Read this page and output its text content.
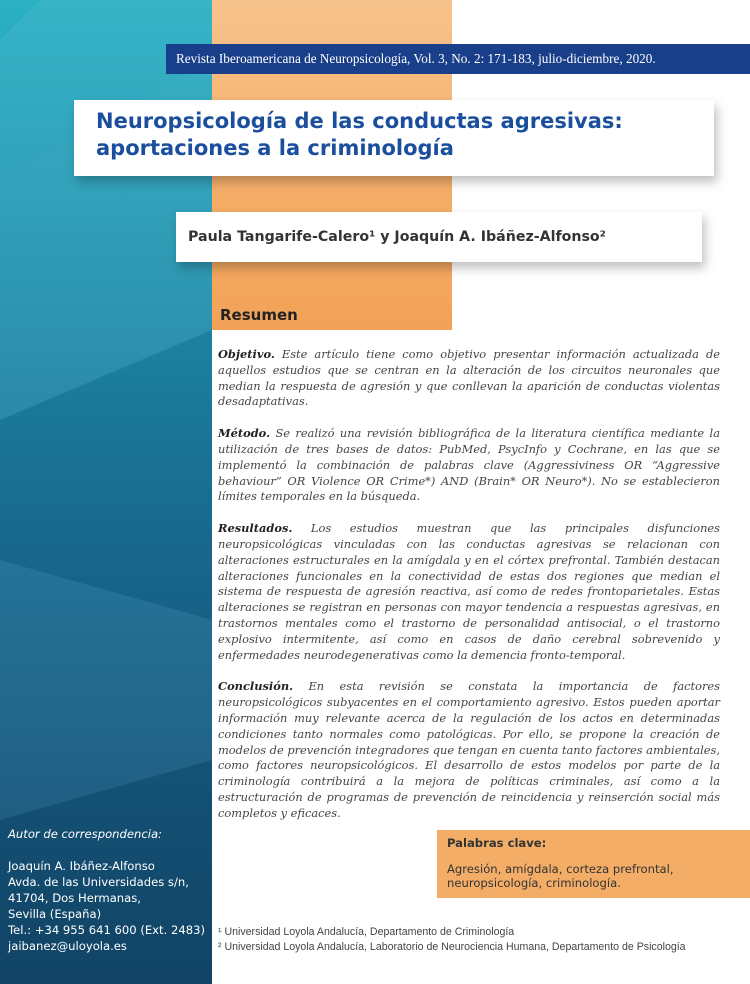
Revista Iberoamericana de Neuropsicología, Vol. 3, No. 2: 171-183, julio-diciembre, 2020.
Neuropsicología de las conductas agresivas:
aportaciones a la criminología
Paula Tangarife-Calero¹ y Joaquín A. Ibáñez-Alfonso²
Resumen

Objetivo. Este artículo tiene como objetivo presentar información actualizada de aquellos estudios que se centran en la alteración de los circuitos neuronales que median la respuesta de agresión y que conllevan la aparición de conductas violentas desadaptativas.

Método. Se realizó una revisión bibliográfica de la literatura científica mediante la utilización de tres bases de datos: PubMed, PsycInfo y Cochrane, en las que se implementó la combinación de palabras clave (Aggressiviness OR “Aggressive behaviour” OR Violence OR Crime*) AND (Brain* OR Neuro*). No se establecieron límites temporales en la búsqueda.

Resultados. Los estudios muestran que las principales disfunciones neuropsicológicas vinculadas con las conductas agresivas se relacionan con alteraciones estructurales en la amígdala y en el córtex prefrontal. También destacan alteraciones funcionales en la conectividad de estas dos regiones que median el sistema de respuesta de agresión reactiva, así como de redes frontoparietales. Estas alteraciones se registran en personas con mayor tendencia a respuestas agresivas, en trastornos mentales como el trastorno de personalidad antisocial, o el trastorno explosivo intermitente, así como en casos de daño cerebral sobrevenido y enfermedades neurodegenerativas como la demencia fronto-temporal.

Conclusión. En esta revisión se constata la importancia de factores neuropsicológicos subyacentes en el comportamiento agresivo. Estos pueden aportar información muy relevante acerca de la regulación de los actos en determinadas condiciones tanto normales como patológicas. Por ello, se propone la creación de modelos de prevención integradores que tengan en cuenta tanto factores ambientales, como factores neuropsicológicos. El desarrollo de estos modelos por parte de la criminología contribuirá a la mejora de políticas criminales, así como a la estructuración de programas de prevención de reincidencia y reinserción social más completos y eficaces.

Autor de correspondencia:
Joaquín A. Ibáñez-Alfonso
Avda. de las Universidades s/n,
41704, Dos Hermanas,
Sevilla (España)
Tel.: +34 955 641 600 (Ext. 2483)
jaibanez@uloyola.es
Palabras clave:
Agresión, amígdala, corteza prefrontal, neuropsicología, criminología.
¹ Universidad Loyola Andalucía, Departamento de Criminología
² Universidad Loyola Andalucía, Laboratorio de Neurociencia Humana, Departamento de Psicología
